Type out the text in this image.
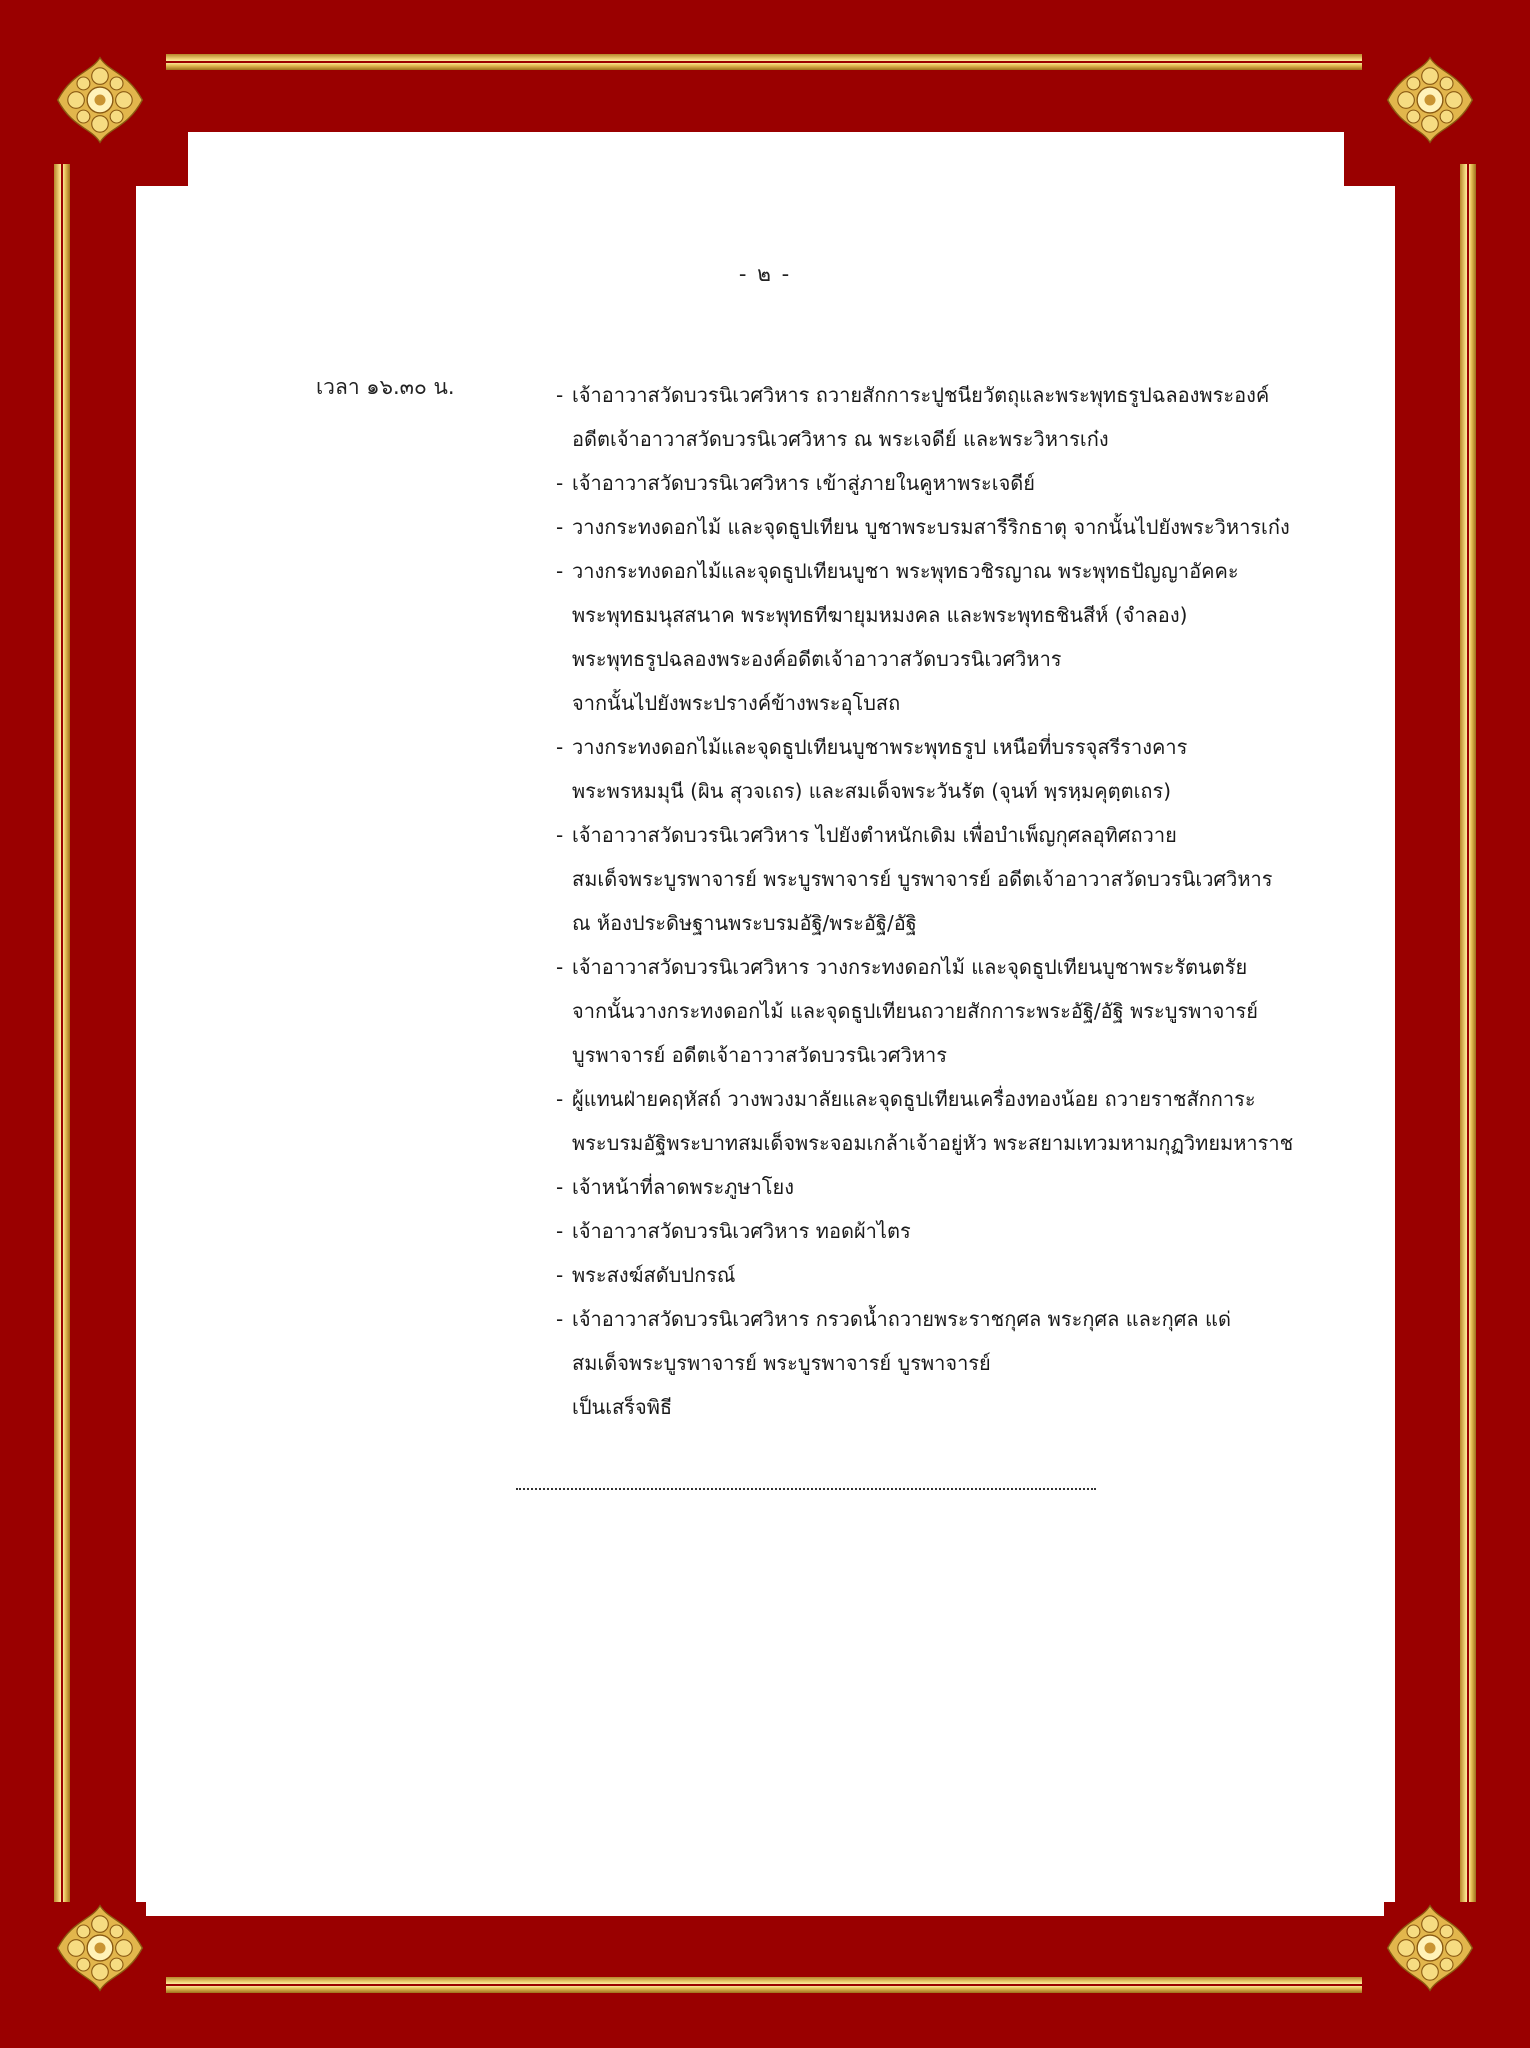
- ๒ -
เวลา ๑๖.๓๐ น.	- เจ้าอาวาสวัดบวรนิเวศวิหาร ถวายสักการะปูชนียวัตถุและพระพุทธรูปฉลองพระองค์
อดีตเจ้าอาวาสวัดบวรนิเวศวิหาร ณ พระเจดีย์ และพระวิหารเก๋ง
- เจ้าอาวาสวัดบวรนิเวศวิหาร เข้าสู่ภายในคูหาพระเจดีย์
- วางกระทงดอกไม้ และจุดธูปเทียน บูชาพระบรมสารีริกธาตุ จากนั้นไปยังพระวิหารเก๋ง
- วางกระทงดอกไม้และจุดธูปเทียนบูชา พระพุทธวชิรญาณ พระพุทธปัญญาอัคคะ
พระพุทธมนุสสนาค พระพุทธทีฆายุมหมงคล และพระพุทธชินสีห์ (จำลอง)
พระพุทธรูปฉลองพระองค์อดีตเจ้าอาวาสวัดบวรนิเวศวิหาร
จากนั้นไปยังพระปรางค์ข้างพระอุโบสถ
- วางกระทงดอกไม้และจุดธูปเทียนบูชาพระพุทธรูป เหนือที่บรรจุสรีรางคาร
พระพรหมมุนี (ผิน สุวจเถร) และสมเด็จพระวันรัต (จุนท์ พฺรหฺมคุตฺตเถร)
- เจ้าอาวาสวัดบวรนิเวศวิหาร ไปยังตำหนักเดิม เพื่อบำเพ็ญกุศลอุทิศถวาย
สมเด็จพระบูรพาจารย์ พระบูรพาจารย์ บูรพาจารย์ อดีตเจ้าอาวาสวัดบวรนิเวศวิหาร
ณ ห้องประดิษฐานพระบรมอัฐิ/พระอัฐิ/อัฐิ
- เจ้าอาวาสวัดบวรนิเวศวิหาร วางกระทงดอกไม้ และจุดธูปเทียนบูชาพระรัตนตรัย
จากนั้นวางกระทงดอกไม้ และจุดธูปเทียนถวายสักการะพระอัฐิ/อัฐิ พระบูรพาจารย์
บูรพาจารย์ อดีตเจ้าอาวาสวัดบวรนิเวศวิหาร
- ผู้แทนฝ่ายคฤหัสถ์ วางพวงมาลัยและจุดธูปเทียนเครื่องทองน้อย ถวายราชสักการะ
พระบรมอัฐิพระบาทสมเด็จพระจอมเกล้าเจ้าอยู่หัว พระสยามเทวมหามกุฏวิทยมหาราช
- เจ้าหน้าที่ลาดพระภูษาโยง
- เจ้าอาวาสวัดบวรนิเวศวิหาร ทอดผ้าไตร
- พระสงฆ์สดับปกรณ์
- เจ้าอาวาสวัดบวรนิเวศวิหาร กรวดน้ำถวายพระราชกุศล พระกุศล และกุศล แด่
สมเด็จพระบูรพาจารย์ พระบูรพาจารย์ บูรพาจารย์
เป็นเสร็จพิธี
